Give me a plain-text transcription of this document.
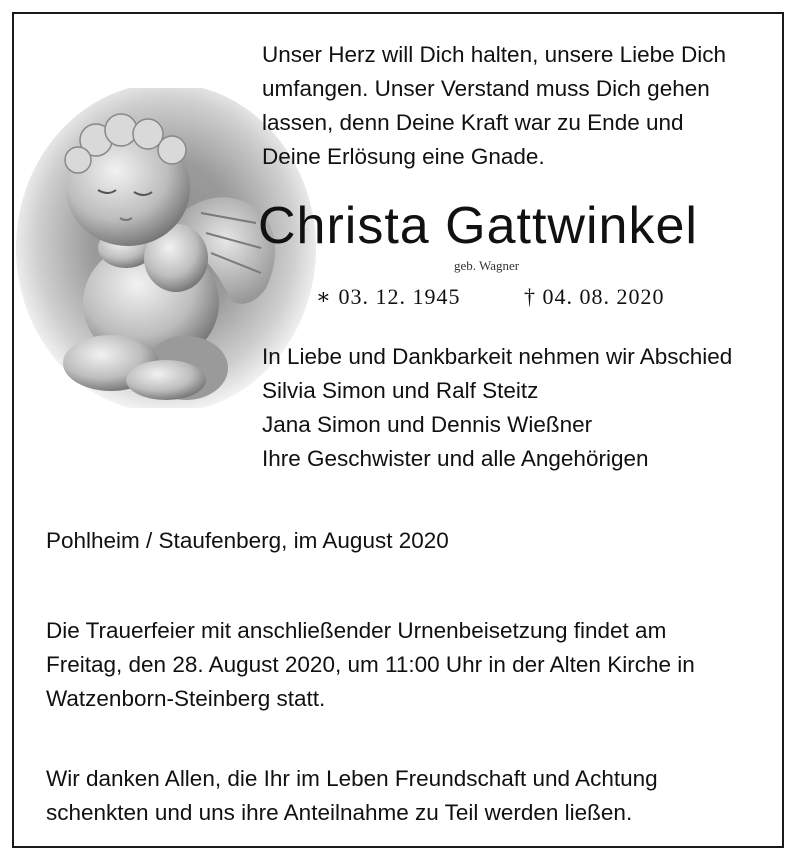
Unser Herz will Dich halten, unsere Liebe Dich
umfangen. Unser Verstand muss Dich gehen
lassen, denn Deine Kraft war zu Ende und
Deine Erlösung eine Gnade.
Christa Gattwinkel
geb. Wagner
∗ 03. 12. 1945	† 04. 08. 2020
In Liebe und Dankbarkeit nehmen wir Abschied
Silvia Simon und Ralf Steitz
Jana Simon und Dennis Wießner
Ihre Geschwister und alle Angehörigen
Pohlheim / Staufenberg, im August 2020
Die Trauerfeier mit anschließender Urnenbeisetzung findet am
Freitag, den 28. August 2020, um 11:00 Uhr in der Alten Kirche in
Watzenborn-Steinberg statt.
Wir danken Allen, die Ihr im Leben Freundschaft und Achtung
schenkten und uns ihre Anteilnahme zu Teil werden ließen.
